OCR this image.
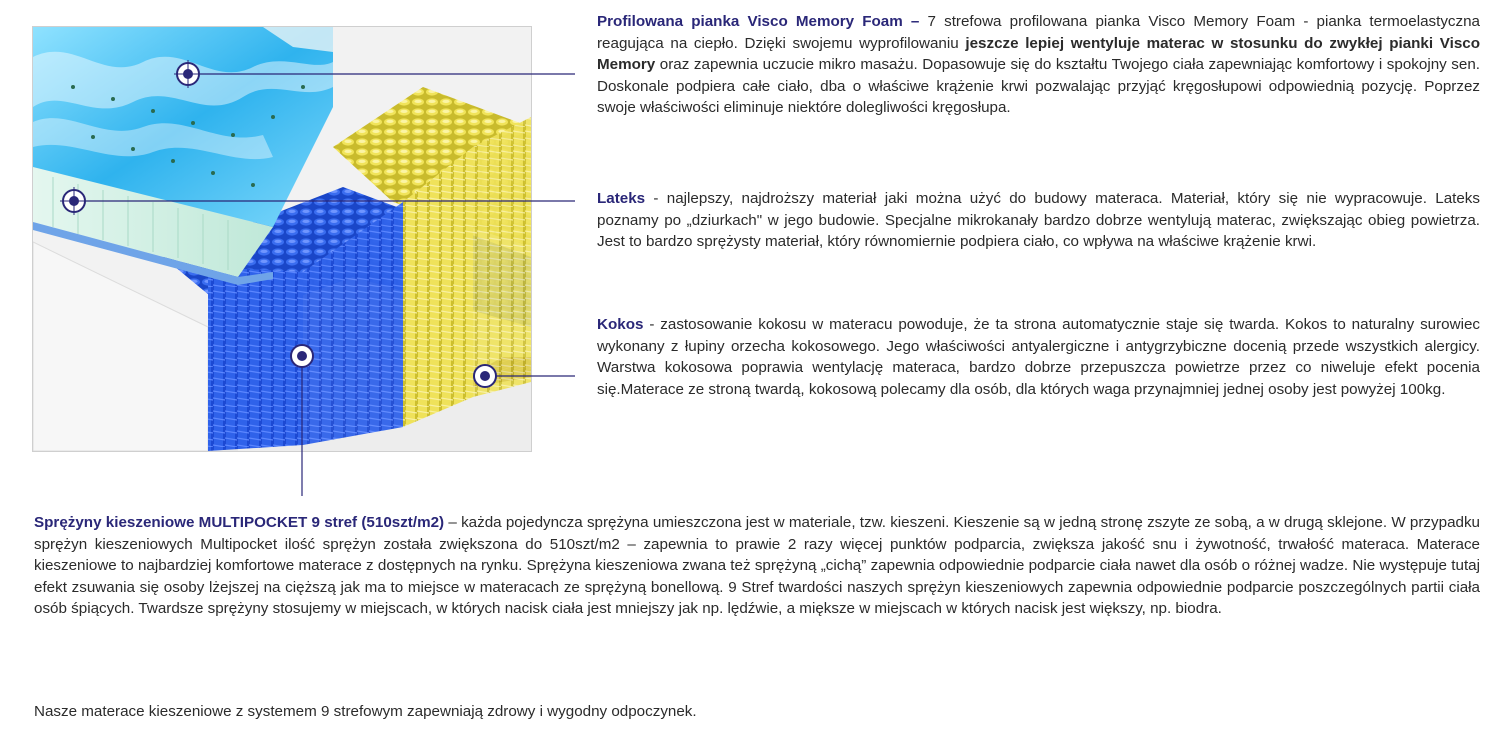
Profilowana pianka Visco Memory Foam – 7 strefowa profilowana pianka Visco Memory Foam - pianka termoelastyczna reagująca na ciepło. Dzięki swojemu wyprofilowaniu jeszcze lepiej wentyluje materac w stosunku do zwykłej pianki Visco Memory oraz zapewnia uczucie mikro masażu. Dopasowuje się do kształtu Twojego ciała zapewniając komfortowy i spokojny sen. Doskonale podpiera całe ciało, dba o właściwe krążenie krwi pozwalając przyjąć kręgosłupowi odpowiednią pozycję. Poprzez swoje właściwości eliminuje niektóre dolegliwości kręgosłupa.

Lateks - najlepszy, najdroższy materiał jaki można użyć do budowy materaca. Materiał, który się nie wypracowuje. Lateks poznamy po „dziurkach" w jego budowie. Specjalne mikrokanały bardzo dobrze wentylują materac, zwiększając obieg powietrza. Jest to bardzo sprężysty materiał, który równomiernie podpiera ciało, co wpływa na właściwe krążenie krwi.

Kokos - zastosowanie kokosu w materacu powoduje, że ta strona automatycznie staje się twarda. Kokos to naturalny surowiec wykonany z łupiny orzecha kokosowego. Jego właściwości antyalergiczne i antygrzybiczne docenią przede wszystkich alergicy. Warstwa kokosowa poprawia wentylację materaca, bardzo dobrze przepuszcza powietrze przez co niweluje efekt pocenia się.Materace ze stroną twardą, kokosową polecamy dla osób, dla których waga przynajmniej jednej osoby jest powyżej 100kg.

Sprężyny kieszeniowe MULTIPOCKET 9 stref (510szt/m2) – każda pojedyncza sprężyna umieszczona jest w materiale, tzw. kieszeni. Kieszenie są w jedną stronę zszyte ze sobą, a w drugą sklejone. W przypadku sprężyn kieszeniowych Multipocket ilość sprężyn została zwiększona do 510szt/m2 – zapewnia to prawie 2 razy więcej punktów podparcia, zwiększa jakość snu i żywotność, trwałość materaca. Materace kieszeniowe to najbardziej komfortowe materace z dostępnych na rynku. Sprężyna kieszeniowa zwana też sprężyną „cichą” zapewnia odpowiednie podparcie ciała nawet dla osób o różnej wadze. Nie występuje tutaj efekt zsuwania się osoby lżejszej na cięższą jak ma to miejsce w materacach ze sprężyną bonellową. 9 Stref twardości naszych sprężyn kieszeniowych zapewnia odpowiednie podparcie poszczególnych partii ciała osób śpiących. Twardsze sprężyny stosujemy w miejscach, w których nacisk ciała jest mniejszy jak np. lędźwie, a miększe w miejscach w których nacisk jest większy, np. biodra.

Nasze materace kieszeniowe z systemem 9 strefowym zapewniają zdrowy i wygodny odpoczynek.
